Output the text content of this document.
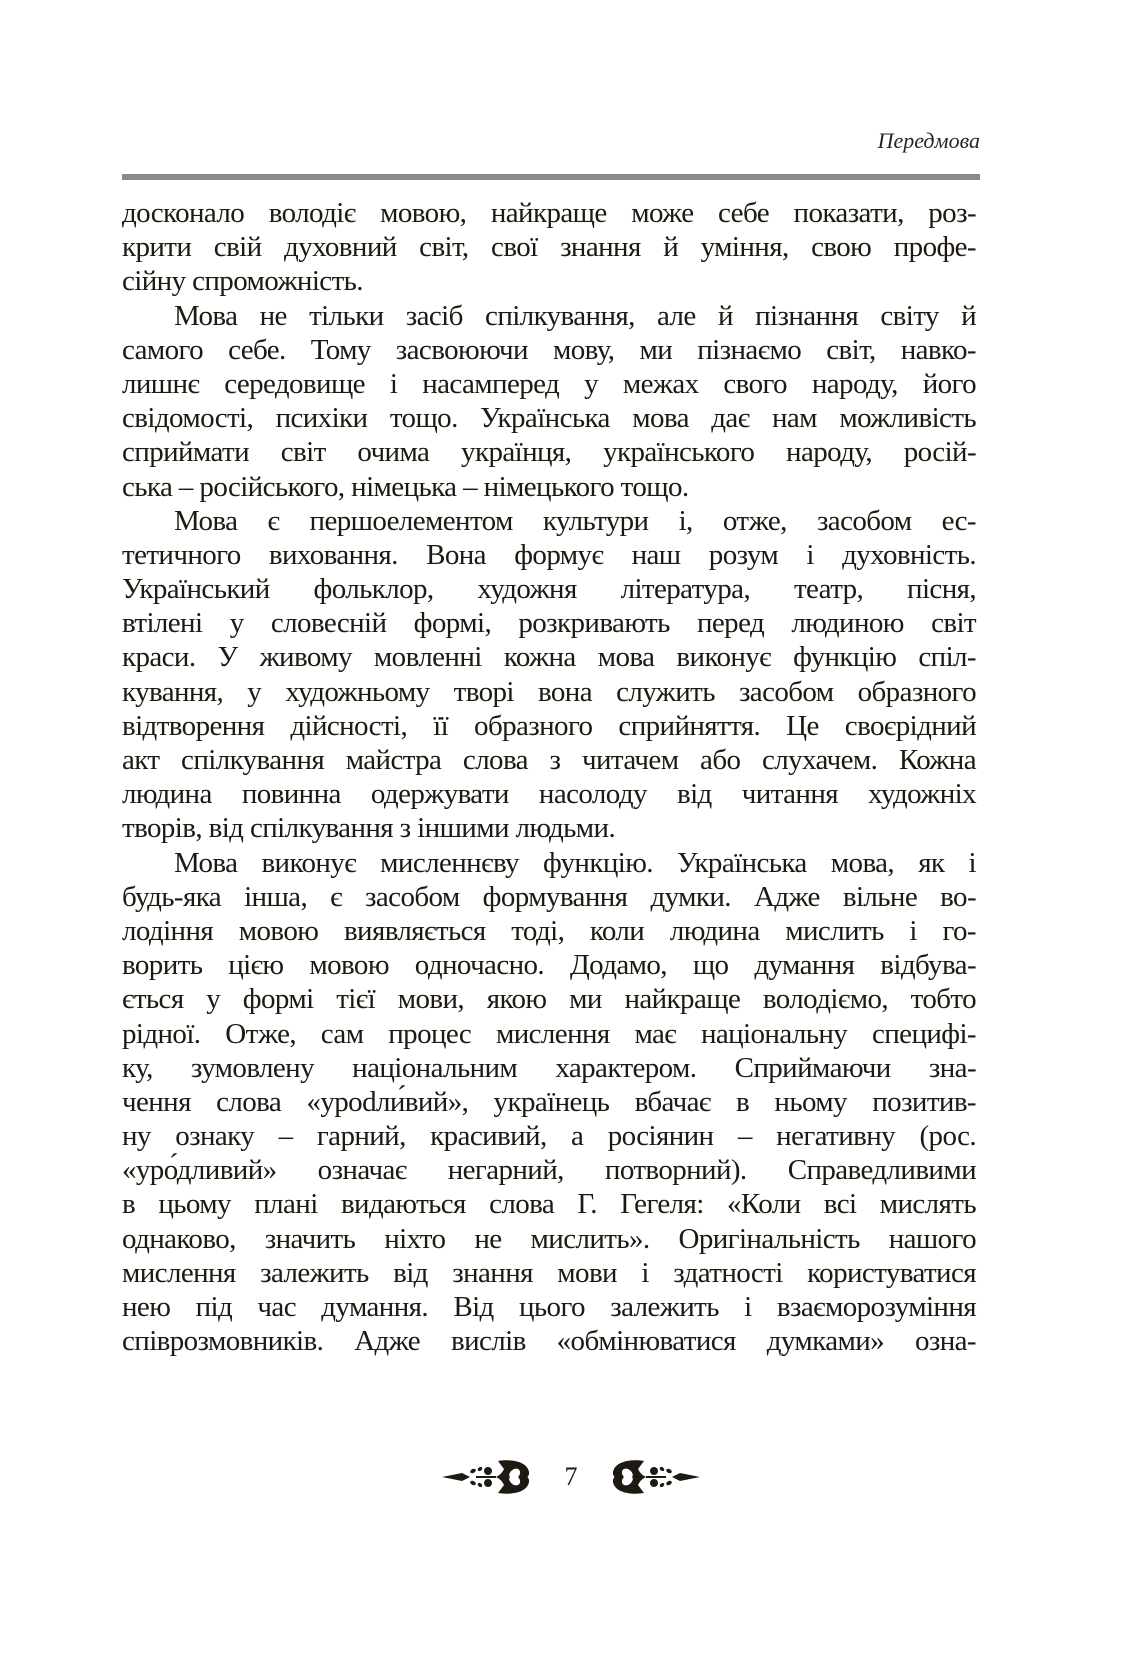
Передмова
досконало володіє мовою, найкраще може себе показати, роз-
крити свій духовний світ, свої знання й уміння, свою профе-
сійну спроможність.
Мова не тільки засіб спілкування, але й пізнання світу й
самого себе. Тому засвоюючи мову, ми пізнаємо світ, навко-
лишнє середовище і насамперед у межах свого народу, його
свідомості, психіки тощо. Українська мова дає нам можливість
сприймати світ очима українця, українського народу, росій-
ська – російського, німецька – німецького тощо.
Мова є першоелементом культури і, отже, засобом ес-
тетичного виховання. Вона формує наш розум і духовність.
Український фольклор, художня література, театр, пісня,
втілені у словесній формі, розкривають перед людиною світ
краси. У живому мовленні кожна мова виконує функцію спіл-
кування, у художньому творі вона служить засобом образного
відтворення дійсності, її образного сприйняття. Це своєрідний
акт спілкування майстра слова з читачем або слухачем. Кожна
людина повинна одержувати насолоду від читання художніх
творів, від спілкування з іншими людьми.
Мова виконує мисленнєву функцію. Українська мова, як і
будь-яка інша, є засобом формування думки. Адже вільне во-
лодіння мовою виявляється тоді, коли людина мислить і го-
ворить цією мовою одночасно. Додамо, що думання відбува-
ється у формі тієї мови, якою ми найкраще володіємо, тобто
рідної. Отже, сам процес мислення має національну специфі-
ку, зумовлену національним характером. Сприймаючи зна-
чення слова «уроdли́вий», українець вбачає в ньому позитив-
ну ознаку – гарний, красивий, а росіянин – негативну (рос.
«уро́дливий» означає негарний, потворний). Справедливими
в цьому плані видаються слова Г. Гегеля: «Коли всі мислять
однаково, значить ніхто не мислить». Оригінальність нашого
мислення залежить від знання мови і здатності користуватися
нею під час думання. Від цього залежить і взаєморозуміння
співрозмовників. Адже вислів «обмінюватися думками» озна-
7
